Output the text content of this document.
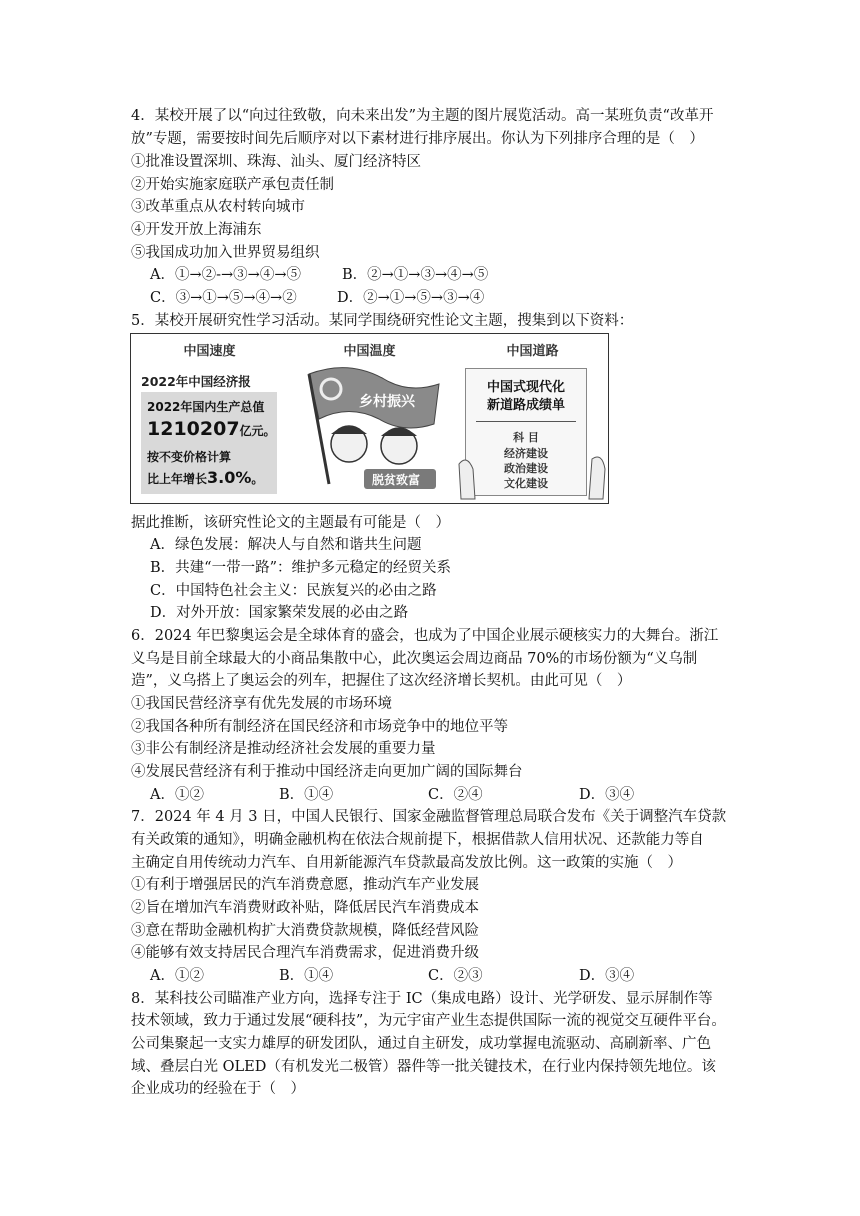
4．某校开展了以“向过往致敬，向未来出发”为主题的图片展览活动。高一某班负责“改革开
放”专题，需要按时间先后顺序对以下素材进行排序展出。你认为下列排序合理的是（　）
①批准设置深圳、珠海、汕头、厦门经济特区
②开始实施家庭联产承包责任制
③改革重点从农村转向城市
④开发开放上海浦东
⑤我国成功加入世界贸易组织
A．①→②-→③→④→⑤	B．②→①→③→④→⑤
C．③→①→⑤→④→②	D．②→①→⑤→③→④
5．某校开展研究性学习活动。某同学围绕研究性论文主题，搜集到以下资料：
中国速度
2022年中国经济报
2022年国内生产总值
1210207亿元。
按不变价格计算
比上年增长3.0%。
中国温度
乡村振兴
脱贫致富
中国道路
中国式现代化
新道路成绩单
科 目
经济建设
政治建设
文化建设
据此推断，该研究性论文的主题最有可能是（　）
A．绿色发展：解决人与自然和谐共生问题
B．共建“一带一路”：维护多元稳定的经贸关系
C．中国特色社会主义：民族复兴的必由之路
D．对外开放：国家繁荣发展的必由之路
6．2024 年巴黎奥运会是全球体育的盛会，也成为了中国企业展示硬核实力的大舞台。浙江
义乌是目前全球最大的小商品集散中心，此次奥运会周边商品 70%的市场份额为“义乌制
造”，义乌搭上了奥运会的列车，把握住了这次经济增长契机。由此可见（　）
①我国民营经济享有优先发展的市场环境
②我国各种所有制经济在国民经济和市场竞争中的地位平等
③非公有制经济是推动经济社会发展的重要力量
④发展民营经济有利于推动中国经济走向更加广阔的国际舞台
A．①②	B．①④	C．②④	D．③④
7．2024 年 4 月 3 日，中国人民银行、国家金融监督管理总局联合发布《关于调整汽车贷款
有关政策的通知》，明确金融机构在依法合规前提下，根据借款人信用状况、还款能力等自
主确定自用传统动力汽车、自用新能源汽车贷款最高发放比例。这一政策的实施（　）
①有利于增强居民的汽车消费意愿，推动汽车产业发展
②旨在增加汽车消费财政补贴，降低居民汽车消费成本
③意在帮助金融机构扩大消费贷款规模，降低经营风险
④能够有效支持居民合理汽车消费需求，促进消费升级
A．①②	B．①④	C．②③	D．③④
8．某科技公司瞄准产业方向，选择专注于 IC（集成电路）设计、光学研发、显示屏制作等
技术领域，致力于通过发展“硬科技”，为元宇宙产业生态提供国际一流的视觉交互硬件平台。
公司集聚起一支实力雄厚的研发团队，通过自主研发，成功掌握电流驱动、高刷新率、广色
域、叠层白光 OLED（有机发光二极管）器件等一批关键技术，在行业内保持领先地位。该
企业成功的经验在于（　）
